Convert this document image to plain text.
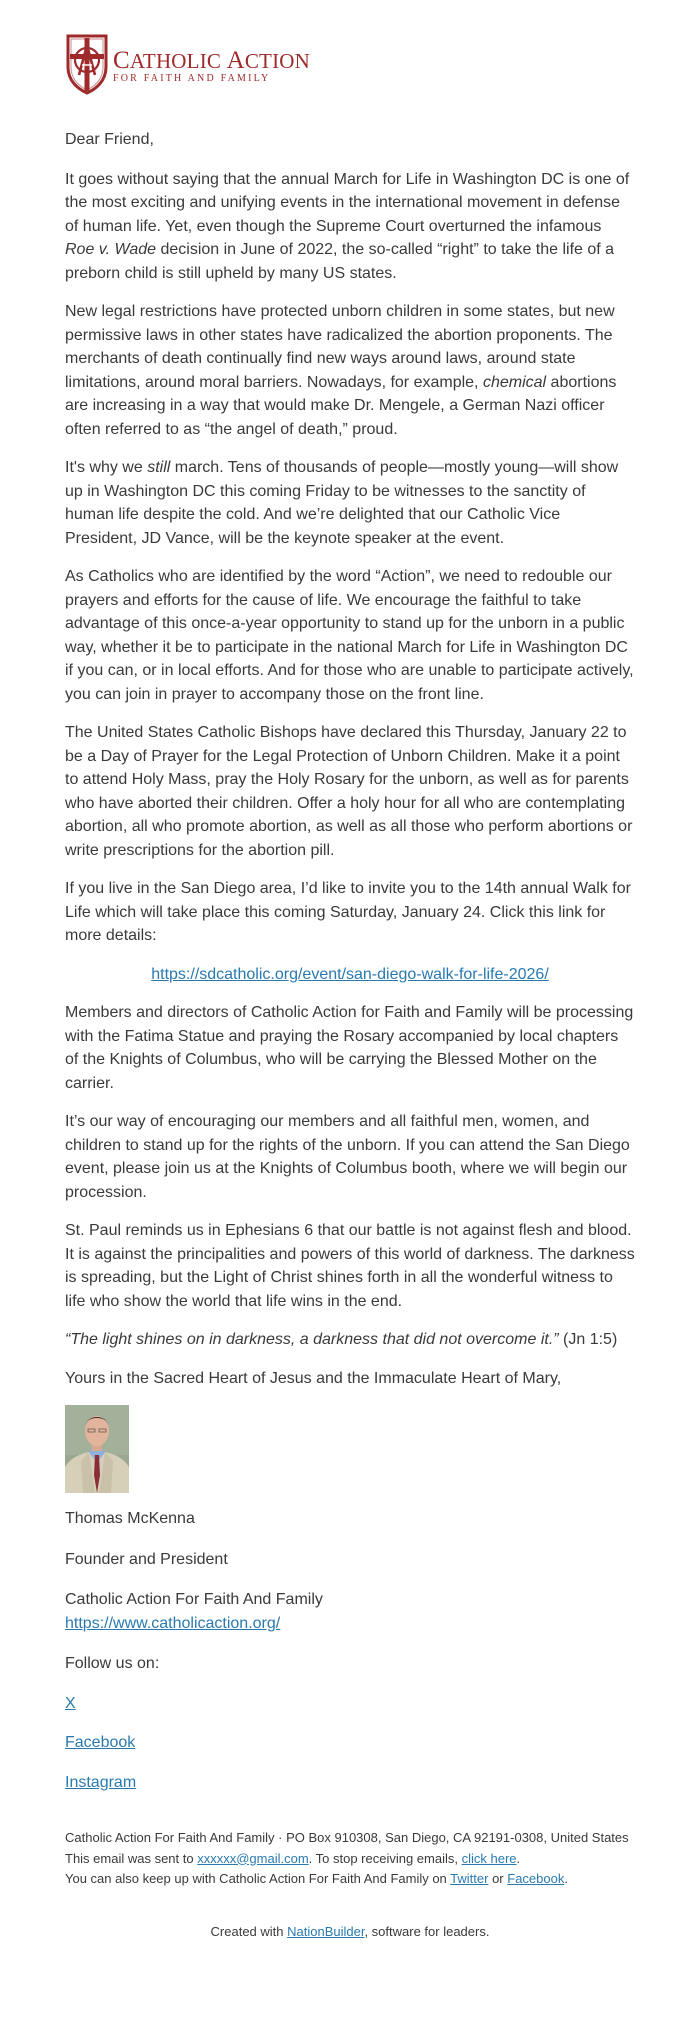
CATHOLIC ACTION
FOR FAITH AND FAMILY

Dear Friend,

It goes without saying that the annual March for Life in Washington DC is one of the most exciting and unifying events in the international movement in defense of human life. Yet, even though the Supreme Court overturned the infamous Roe v. Wade decision in June of 2022, the so-called “right” to take the life of a preborn child is still upheld by many US states.

New legal restrictions have protected unborn children in some states, but new permissive laws in other states have radicalized the abortion proponents. The merchants of death continually find new ways around laws, around state limitations, around moral barriers. Nowadays, for example, chemical abortions are increasing in a way that would make Dr. Mengele, a German Nazi officer often referred to as “the angel of death,” proud.

It's why we still march. Tens of thousands of people—mostly young—will show up in Washington DC this coming Friday to be witnesses to the sanctity of human life despite the cold. And we’re delighted that our Catholic Vice President, JD Vance, will be the keynote speaker at the event.

As Catholics who are identified by the word “Action”, we need to redouble our prayers and efforts for the cause of life. We encourage the faithful to take advantage of this once-a-year opportunity to stand up for the unborn in a public way, whether it be to participate in the national March for Life in Washington DC if you can, or in local efforts. And for those who are unable to participate actively, you can join in prayer to accompany those on the front line.

The United States Catholic Bishops have declared this Thursday, January 22 to be a Day of Prayer for the Legal Protection of Unborn Children. Make it a point to attend Holy Mass, pray the Holy Rosary for the unborn, as well as for parents who have aborted their children. Offer a holy hour for all who are contemplating abortion, all who promote abortion, as well as all those who perform abortions or write prescriptions for the abortion pill.

If you live in the San Diego area, I’d like to invite you to the 14th annual Walk for Life which will take place this coming Saturday, January 24. Click this link for more details:

https://sdcatholic.org/event/san-diego-walk-for-life-2026/

Members and directors of Catholic Action for Faith and Family will be processing with the Fatima Statue and praying the Rosary accompanied by local chapters of the Knights of Columbus, who will be carrying the Blessed Mother on the carrier.

It’s our way of encouraging our members and all faithful men, women, and children to stand up for the rights of the unborn. If you can attend the San Diego event, please join us at the Knights of Columbus booth, where we will begin our procession.

St. Paul reminds us in Ephesians 6 that our battle is not against flesh and blood. It is against the principalities and powers of this world of darkness. The darkness is spreading, but the Light of Christ shines forth in all the wonderful witness to life who show the world that life wins in the end.

“The light shines on in darkness, a darkness that did not overcome it.” (Jn 1:5)

Yours in the Sacred Heart of Jesus and the Immaculate Heart of Mary,

Thomas McKenna

Founder and President

Catholic Action For Faith And Family

https://www.catholicaction.org/

Follow us on:

X

Facebook

Instagram

Catholic Action For Faith And Family · PO Box 910308, San Diego, CA 92191-0308, United States
This email was sent to xxxxxx@gmail.com. To stop receiving emails, click here.
You can also keep up with Catholic Action For Faith And Family on Twitter or Facebook.
Created with NationBuilder, software for leaders.
